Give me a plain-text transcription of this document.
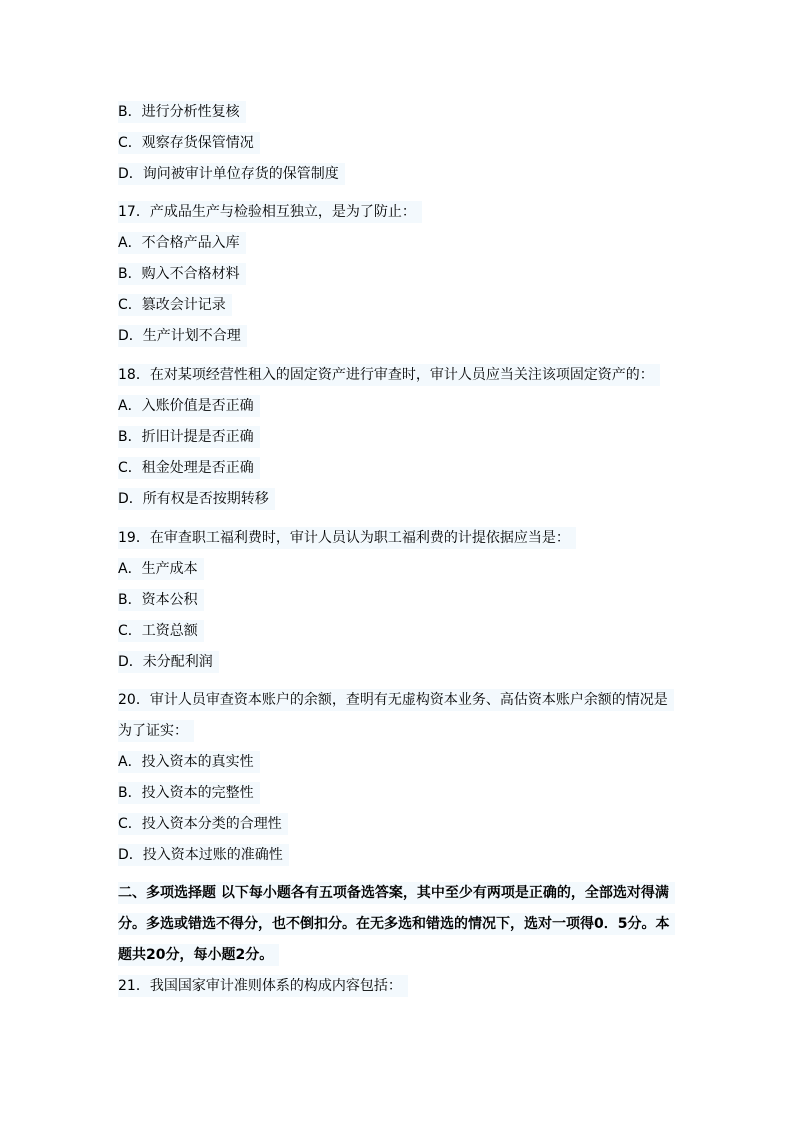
B．进行分析性复核
C．观察存货保管情况
D．询问被审计单位存货的保管制度
17．产成品生产与检验相互独立，是为了防止：
A．不合格产品入库
B．购入不合格材料
C．篡改会计记录
D．生产计划不合理
18．在对某项经营性租入的固定资产进行审查时，审计人员应当关注该项固定资产的：
A．入账价值是否正确
B．折旧计提是否正确
C．租金处理是否正确
D．所有权是否按期转移
19．在审查职工福利费时，审计人员认为职工福利费的计提依据应当是：
A．生产成本
B．资本公积
C．工资总额
D．未分配利润
20．审计人员审查资本账户的余额，查明有无虚构资本业务、高估资本账户余额的情况是
为了证实：
A．投入资本的真实性
B．投入资本的完整性
C．投入资本分类的合理性
D．投入资本过账的准确性
二、多项选择题 以下每小题各有五项备选答案，其中至少有两项是正确的，全部选对得满
分。多选或错选不得分，也不倒扣分。在无多选和错选的情况下，选对一项得0．5分。本
题共20分，每小题2分。
21．我国国家审计准则体系的构成内容包括：
